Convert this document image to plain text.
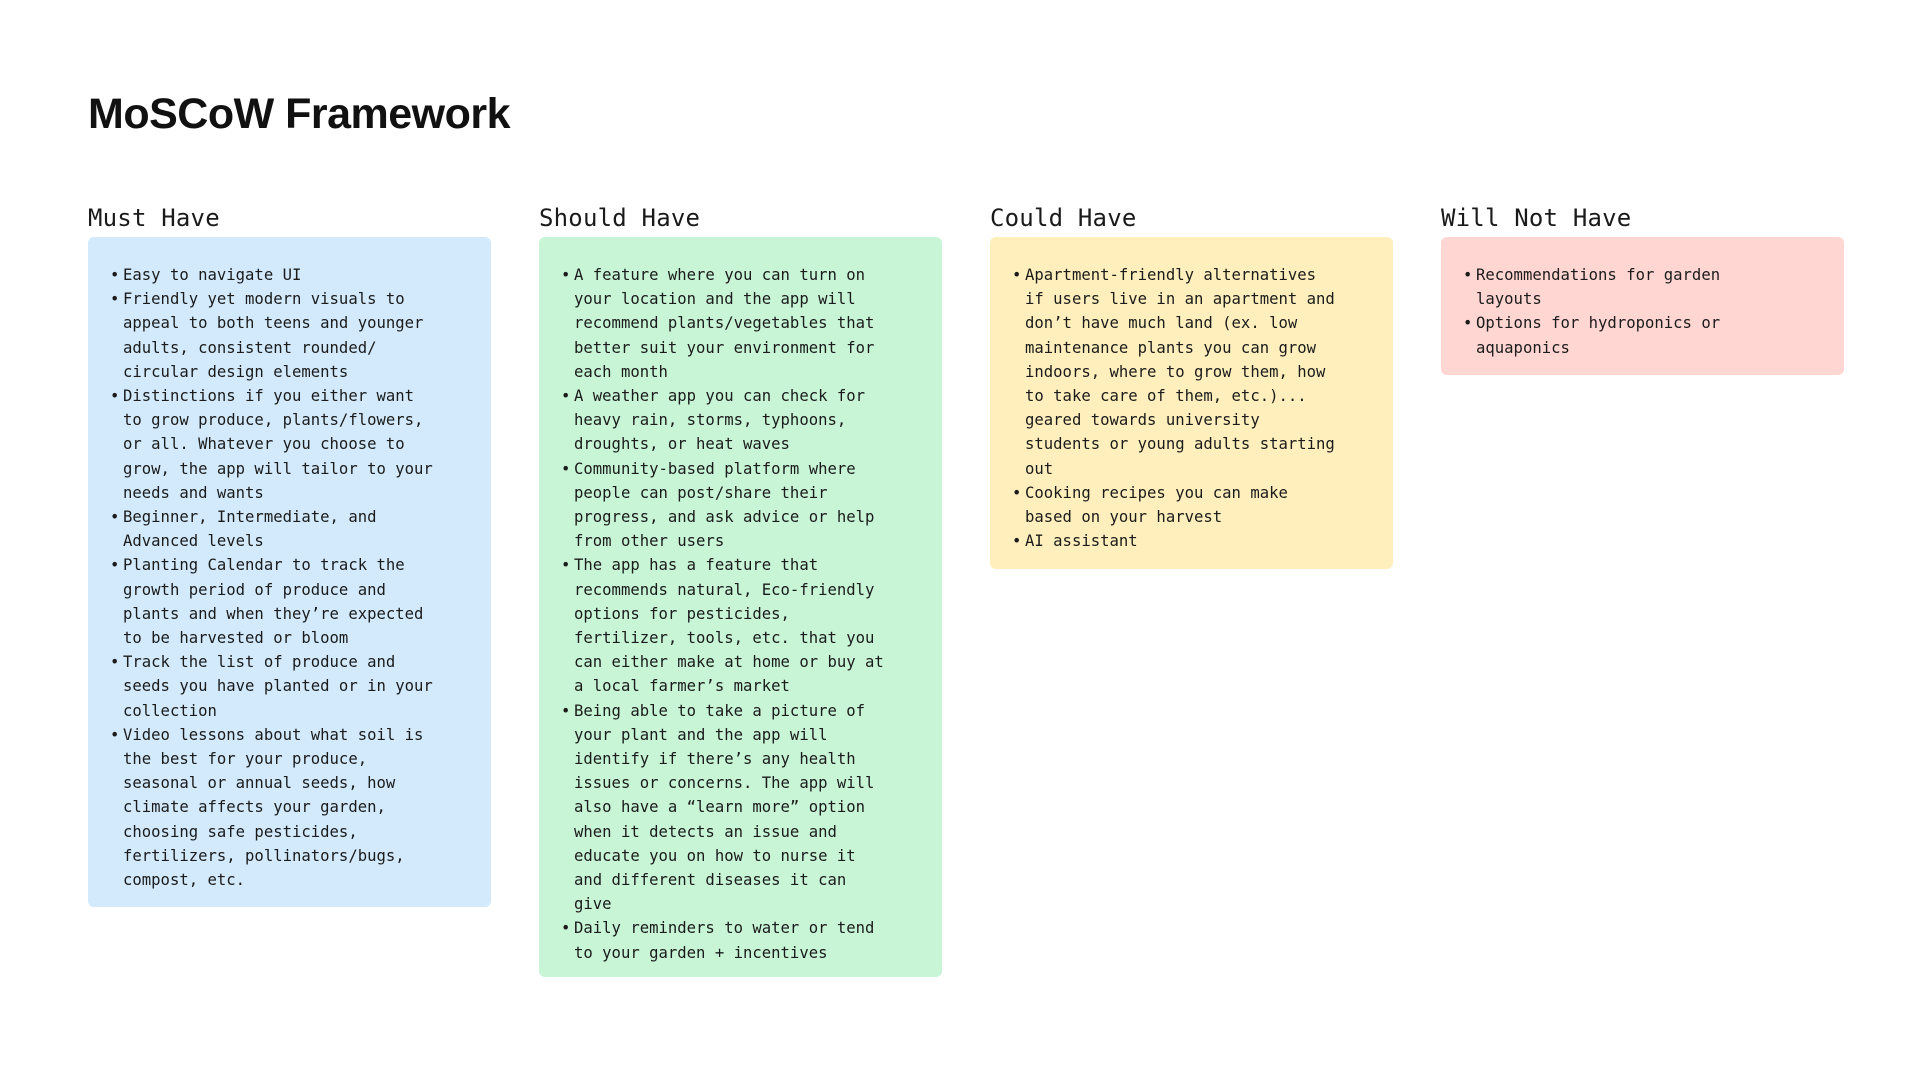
MoSCoW Framework
Must Have
• Easy to navigate UI
• Friendly yet modern visuals to
appeal to both teens and younger
adults, consistent rounded/
circular design elements
• Distinctions if you either want
to grow produce, plants/flowers,
or all. Whatever you choose to
grow, the app will tailor to your
needs and wants
• Beginner, Intermediate, and
Advanced levels
• Planting Calendar to track the
growth period of produce and
plants and when they’re expected
to be harvested or bloom
• Track the list of produce and
seeds you have planted or in your
collection
• Video lessons about what soil is
the best for your produce,
seasonal or annual seeds, how
climate affects your garden,
choosing safe pesticides,
fertilizers, pollinators/bugs,
compost, etc.
Should Have
• A feature where you can turn on
your location and the app will
recommend plants/vegetables that
better suit your environment for
each month
• A weather app you can check for
heavy rain, storms, typhoons,
droughts, or heat waves
• Community-based platform where
people can post/share their
progress, and ask advice or help
from other users
• The app has a feature that
recommends natural, Eco-friendly
options for pesticides,
fertilizer, tools, etc. that you
can either make at home or buy at
a local farmer’s market
• Being able to take a picture of
your plant and the app will
identify if there’s any health
issues or concerns. The app will
also have a “learn more” option
when it detects an issue and
educate you on how to nurse it
and different diseases it can
give
• Daily reminders to water or tend
to your garden + incentives
Could Have
• Apartment-friendly alternatives
if users live in an apartment and
don’t have much land (ex. low
maintenance plants you can grow
indoors, where to grow them, how
to take care of them, etc.)...
geared towards university
students or young adults starting
out
• Cooking recipes you can make
based on your harvest
• AI assistant
Will Not Have
• Recommendations for garden
layouts
• Options for hydroponics or
aquaponics
